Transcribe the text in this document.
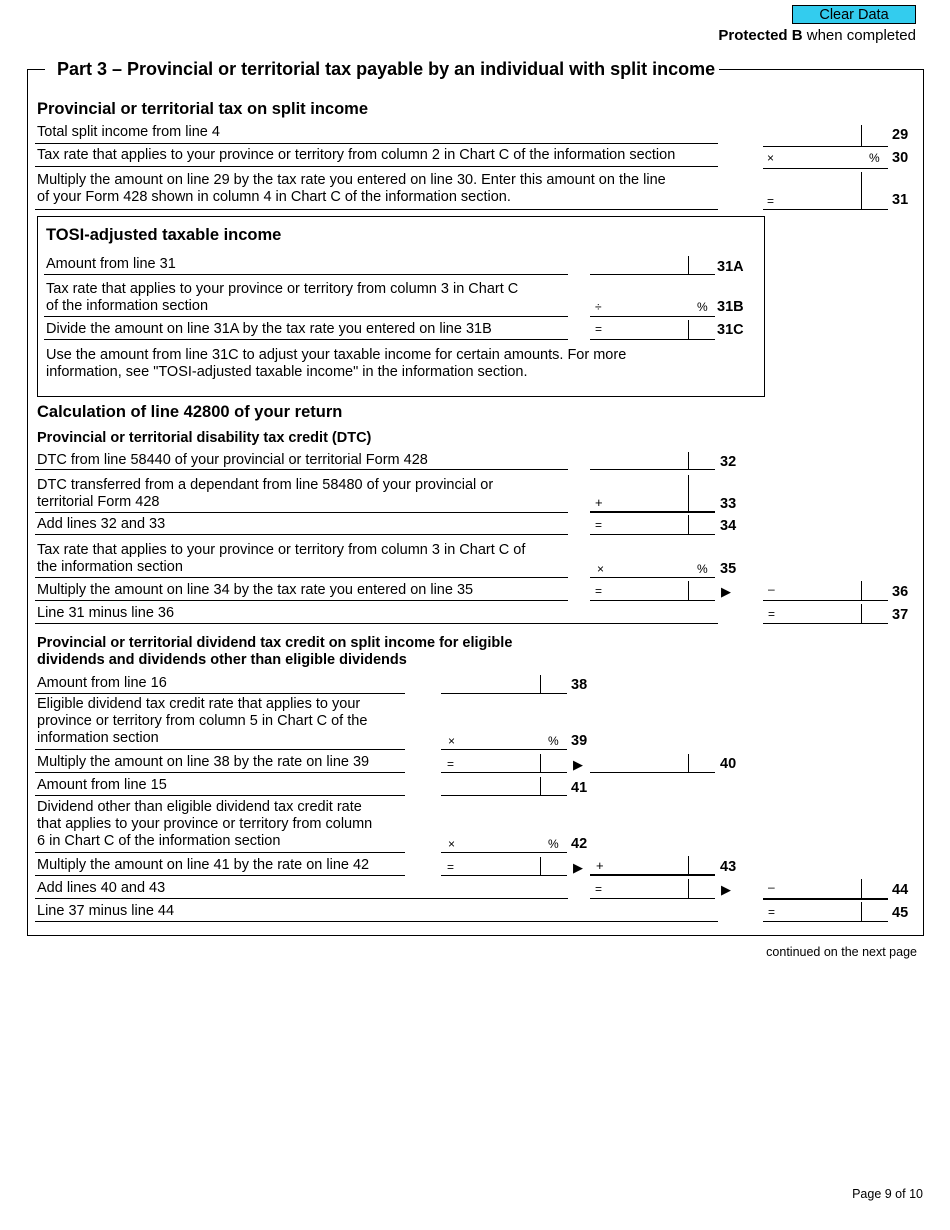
Clear Data
Protected B when completed
Part 3 – Provincial or territorial tax payable by an individual with split income
Provincial or territorial tax on split income
Total split income from line 4	29
Tax rate that applies to your province or territory from column 2 in Chart C of the information section	×	% 30
Multiply the amount on line 29 by the tax rate you entered on line 30. Enter this amount on the line
of your Form 428 shown in column 4 in Chart C of the information section.	=	31
TOSI-adjusted taxable income
Amount from line 31	31A
Tax rate that applies to your province or territory from column 3 in Chart C
of the information section	÷	% 31B
Divide the amount on line 31A by the tax rate you entered on line 31B	=	31C
Use the amount from line 31C to adjust your taxable income for certain amounts. For more
information, see "TOSI-adjusted taxable income" in the information section.
Calculation of line 42800 of your return
Provincial or territorial disability tax credit (DTC)
DTC from line 58440 of your provincial or territorial Form 428	32
DTC transferred from a dependant from line 58480 of your provincial or
territorial Form 428	+	33
Add lines 32 and 33	=	34
Tax rate that applies to your province or territory from column 3 in Chart C of
the information section	×	% 35
Multiply the amount on line 34 by the tax rate you entered on line 35	=	▶	–	36
Line 31 minus line 36	=	37
Provincial or territorial dividend tax credit on split income for eligible
dividends and dividends other than eligible dividends
Amount from line 16	38
Eligible dividend tax credit rate that applies to your
province or territory from column 5 in Chart C of the
information section	×	% 39
Multiply the amount on line 38 by the rate on line 39	=	▶	40
Amount from line 15	41
Dividend other than eligible dividend tax credit rate
that applies to your province or territory from column
6 in Chart C of the information section	×	% 42
Multiply the amount on line 41 by the rate on line 42	=	▶ +	43
Add lines 40 and 43	=	▶	–	44
Line 37 minus line 44	=	45
continued on the next page
Page 9 of 10
